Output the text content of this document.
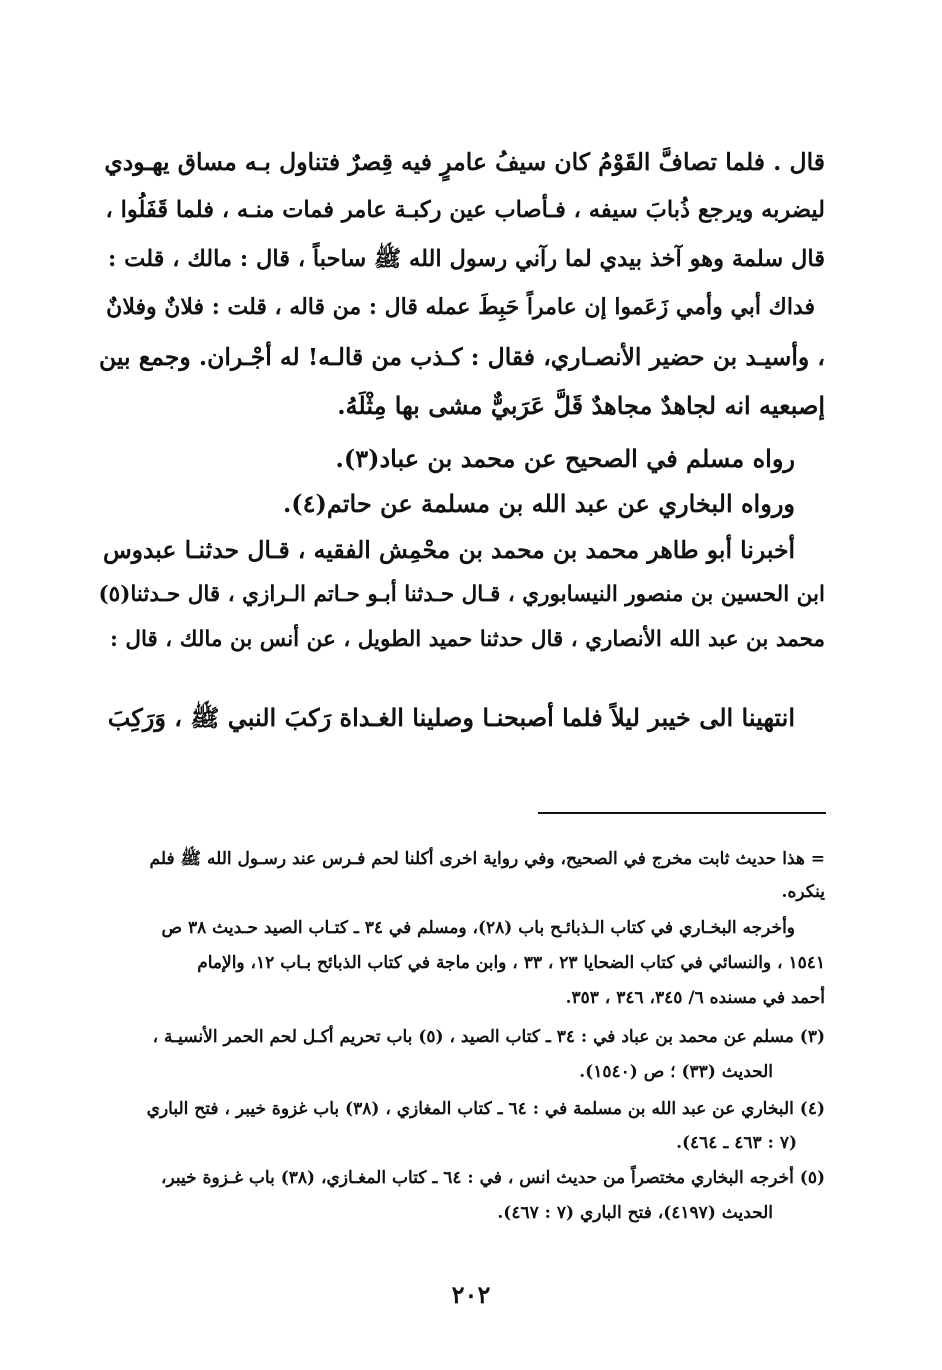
قال . فلما تصافَّ القَوْمُ كان سيفُ عامرٍ فيه قِصرٌ فتناول بـه مساق يهـودي
ليضربه ويرجع ذُبابَ سيفه ، فـأصاب عين ركبـة عامر فمات منـه ، فلما قَفَلُوا ،
قال سلمة وهو آخذ بيدي لما رآني رسول الله ﷺ ساحباً ، قال : مالك ، قلت :
فداك أبي وأمي زَعَموا إن عامراً حَبِطَ عمله قال : من قاله ، قلت : فلانٌ وفلانٌ
، وأسيـد بن حضير الأنصـاري، فقال : كـذب من قالـه! له أجْـران. وجمع بين
إصبعيه انه لجاهدٌ مجاهدٌ قَلَّ عَرَبيٌّ مشى بها مِثْلَهُ.
رواه مسلم في الصحيح عن محمد بن عباد(٣).
ورواه البخاري عن عبد الله بن مسلمة عن حاتم(٤).
أخبرنا أبو طاهر محمد بن محمد بن محْمِش الفقيه ، قـال حدثنـا عبدوس
ابن الحسين بن منصور النيسابوري ، قـال حـدثنا أبـو حـاتم الـرازي ، قال حـدثنا(٥)
محمد بن عبد الله الأنصاري ، قال حدثنا حميد الطويل ، عن أنس بن مالك ، قال :
انتهينا الى خيبر ليلاً فلما أصبحنـا وصلينا الغـداة رَكبَ النبي ﷺ ، وَرَكِبَ
= هذا حديث ثابت مخرج في الصحيح، وفي رواية اخرى أكلنا لحم فـرس عند رسـول الله ﷺ فلم
ينكره.
وأخرجه البخـاري في كتاب الـذبائـح باب (٢٨)، ومسلم في ٣٤ ـ كتـاب الصيد حـديث ٣٨ ص
١٥٤١ ، والنسائي في كتاب الضحايا ٢٣ ، ٣٣ ، وابن ماجة في كتاب الذبائح بـاب ١٢، والإمام
أحمد في مسنده ٦/ ٣٤٥، ٣٤٦ ، ٣٥٣.
(٣) مسلم عن محمد بن عباد في : ٣٤ ـ كتاب الصيد ، (٥) باب تحريم أكـل لحم الحمر الأنسيـة ،
الحديث (٣٣) ؛ ص (١٥٤٠).
(٤) البخاري عن عبد الله بن مسلمة في : ٦٤ ـ كتاب المغازي ، (٣٨) باب غزوة خيبر ، فتح الباري
(٧ : ٤٦٣ ـ ٤٦٤).
(٥) أخرجه البخاري مختصراً من حديث انس ، في : ٦٤ ـ كتاب المغـازي، (٣٨) باب غـزوة خيبر،
الحديث (٤١٩٧)، فتح الباري (٧ : ٤٦٧).
٢٠٢
